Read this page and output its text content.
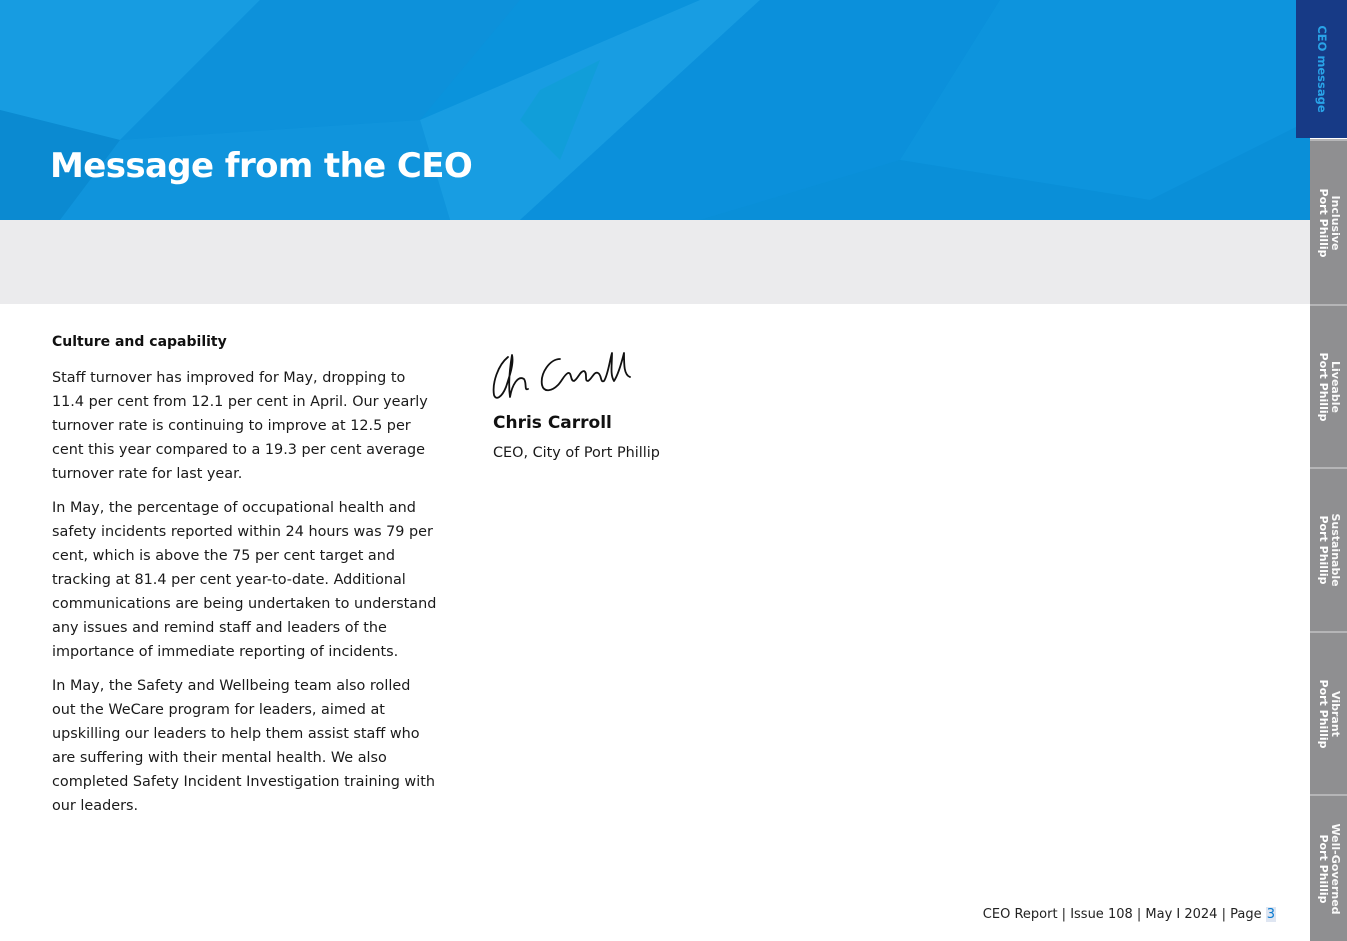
Message from the CEO
Culture and capability

Staff turnover has improved for May, dropping to 11.4 per cent from 12.1 per cent in April. Our yearly turnover rate is continuing to improve at 12.5 per cent this year compared to a 19.3 per cent average turnover rate for last year.

In May, the percentage of occupational health and safety incidents reported within 24 hours was 79 per cent, which is above the 75 per cent target and tracking at 81.4 per cent year-to-date. Additional communications are being undertaken to understand any issues and remind staff and leaders of the importance of immediate reporting of incidents.

In May, the Safety and Wellbeing team also rolled out the WeCare program for leaders, aimed at upskilling our leaders to help them assist staff who are suffering with their mental health. We also completed Safety Incident Investigation training with our leaders.

Chris Carroll
CEO, City of Port Phillip
CEO Report | Issue 108 | May I 2024 | Page 3
CEO message
Inclusive
Port Phillip
Liveable
Port Phillip
Sustainable
Port Phillip
Vibrant
Port Phillip
Well-Governed
Port Phillip
